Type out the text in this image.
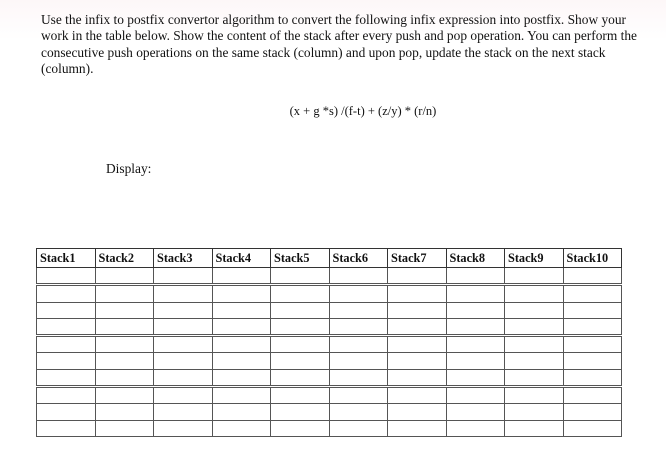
Use the infix to postfix convertor algorithm to convert the following infix expression into postfix. Show your work in the table below. Show the content of the stack after every push and pop operation. You can perform the consecutive push operations on the same stack (column) and upon pop, update the stack on the next stack (column).

(x + g *s) /(f-t) + (z/y) * (r/n)
Display:
Stack1	Stack2	Stack3	Stack4	Stack5	Stack6	Stack7	Stack8	Stack9	Stack10
